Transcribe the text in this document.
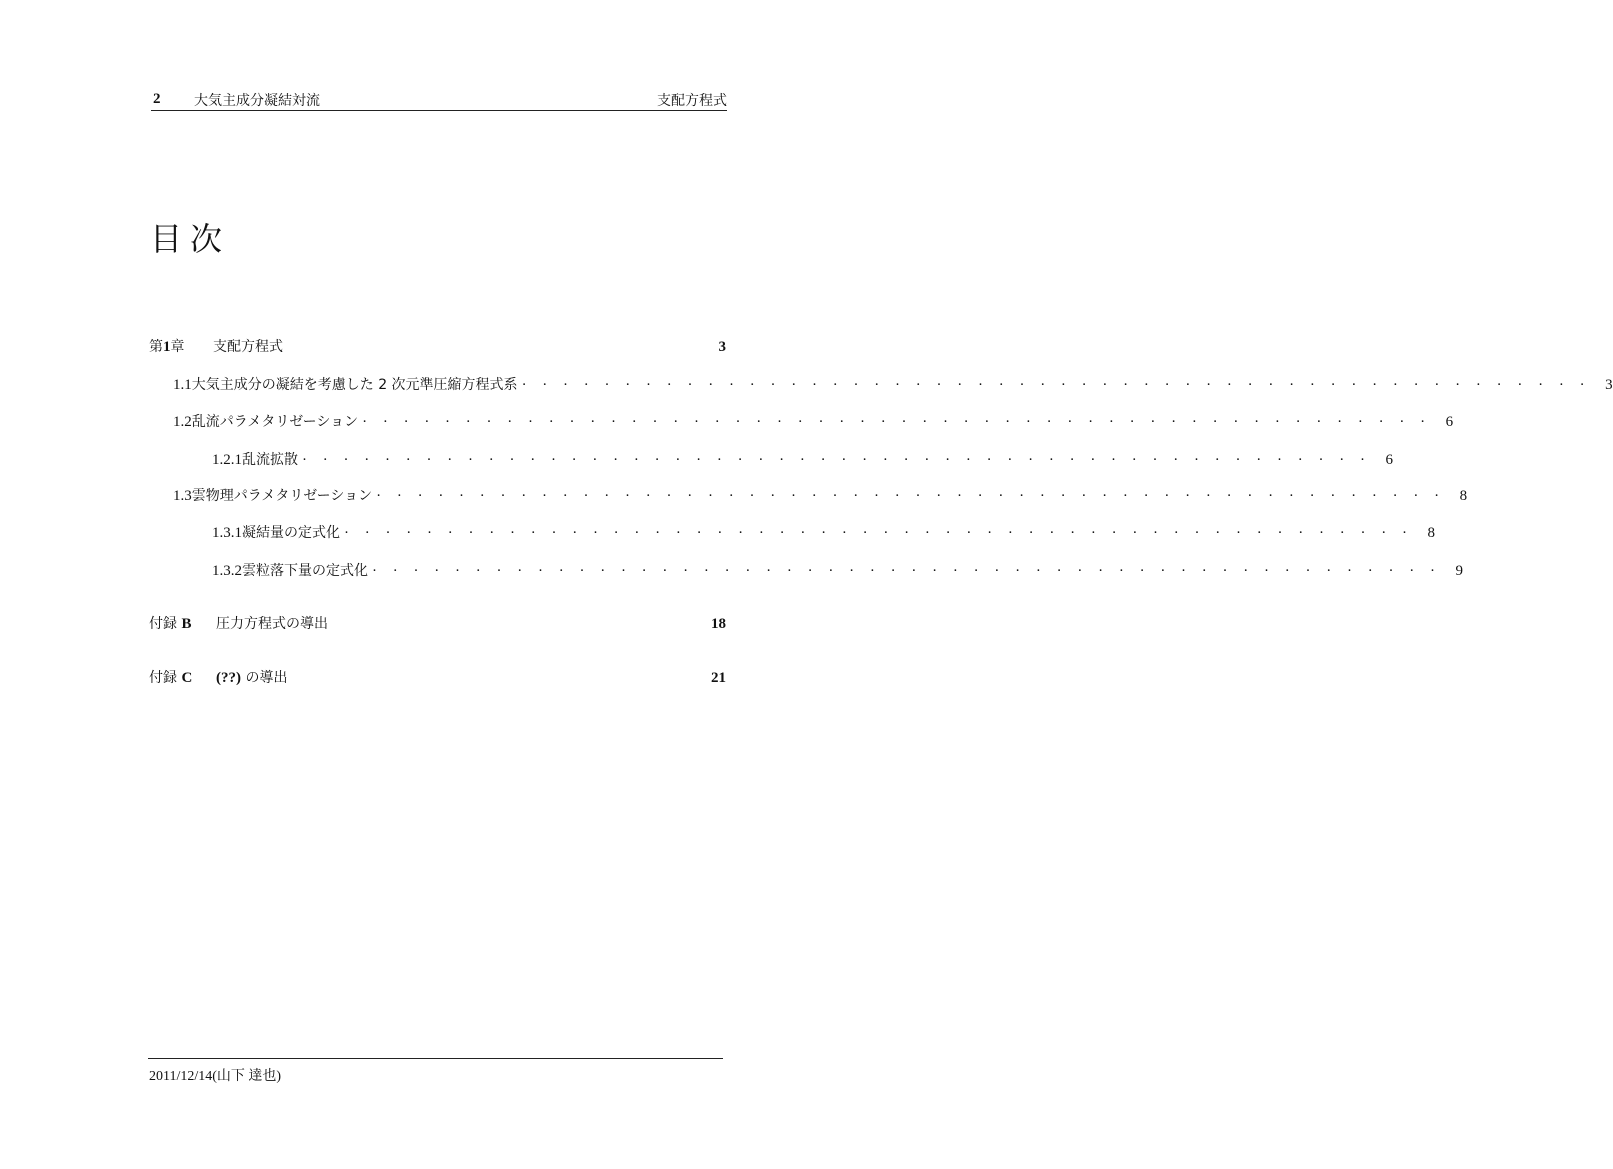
2 大気主成分凝結対流	支配方程式
目次
第1章	支配方程式	3
1.1 大気主成分の凝結を考慮した 2 次元準圧縮方程式系 · · · · · · · · · · · · · · · · · · · · · · · · · · · · · · · · · · · · · · · · · · · · · · · · · · · · 3
1.2 乱流パラメタリゼーション · · · · · · · · · · · · · · · · · · · · · · · · · · · · · · · · · · · · · · · · · · · · · · · · · · · · 6
1.2.1 乱流拡散 · · · · · · · · · · · · · · · · · · · · · · · · · · · · · · · · · · · · · · · · · · · · · · · · · · · · 6
1.3 雲物理パラメタリゼーション · · · · · · · · · · · · · · · · · · · · · · · · · · · · · · · · · · · · · · · · · · · · · · · · · · · · 8
1.3.1 凝結量の定式化 · · · · · · · · · · · · · · · · · · · · · · · · · · · · · · · · · · · · · · · · · · · · · · · · · · · · 8
1.3.2 雲粒落下量の定式化 · · · · · · · · · · · · · · · · · · · · · · · · · · · · · · · · · · · · · · · · · · · · · · · · · · · · 9
付録 B	圧力方程式の導出	18
付録 C	(??) の導出	21
2011/12/14(山下 達也)
